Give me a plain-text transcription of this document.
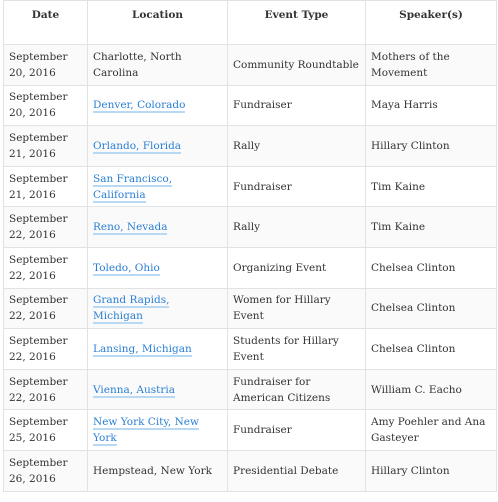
Date	Location	Event Type	Speaker(s)
September 20, 2016	Charlotte, North Carolina	Community Roundtable	Mothers of the Movement
September 20, 2016	Denver, Colorado	Fundraiser	Maya Harris
September 21, 2016	Orlando, Florida	Rally	Hillary Clinton
September 21, 2016	San Francisco, California	Fundraiser	Tim Kaine
September 22, 2016	Reno, Nevada	Rally	Tim Kaine
September 22, 2016	Toledo, Ohio	Organizing Event	Chelsea Clinton
September 22, 2016	Grand Rapids, Michigan	Women for Hillary Event	Chelsea Clinton
September 22, 2016	Lansing, Michigan	Students for Hillary Event	Chelsea Clinton
September 22, 2016	Vienna, Austria	Fundraiser for American Citizens	William C. Eacho
September 25, 2016	New York City, New York	Fundraiser	Amy Poehler and Ana Gasteyer
September 26, 2016	Hempstead, New York	Presidential Debate	Hillary Clinton
